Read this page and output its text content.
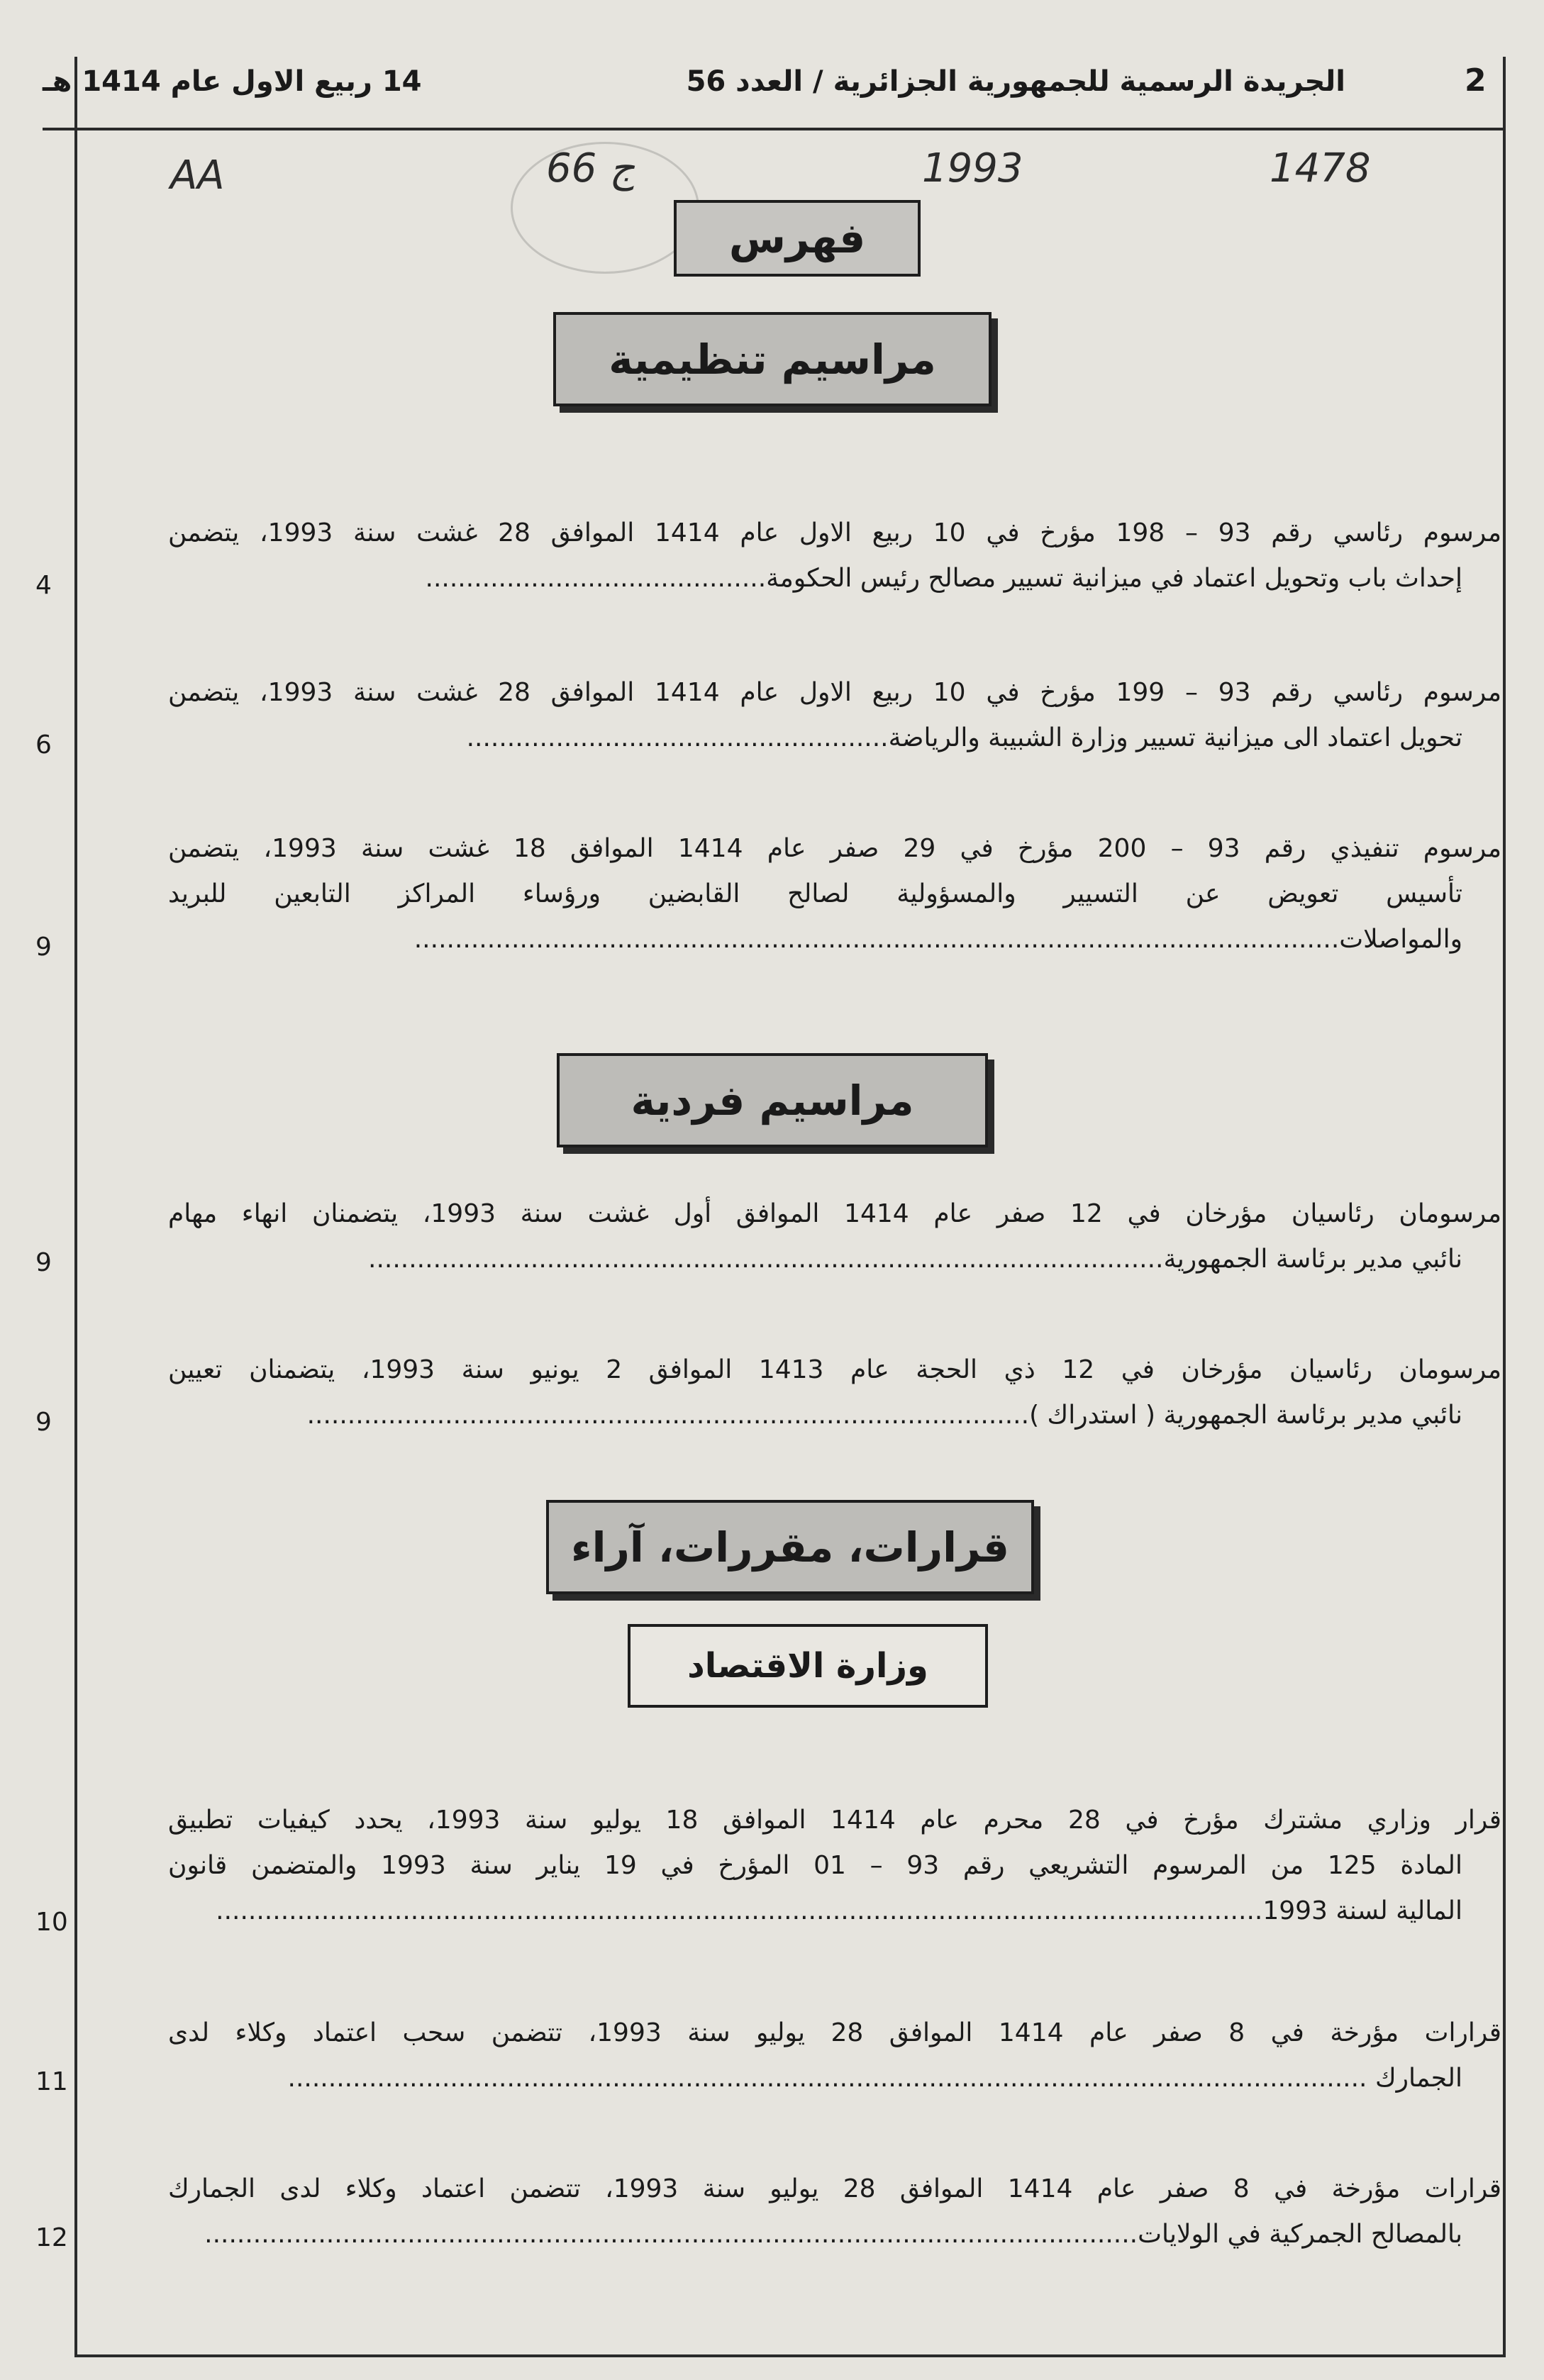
2
الجريدة الرسمية للجمهورية الجزائرية / العدد 56
14 ربيع الاول عام 1414 هـ
1478
1993
ج 66
AA
فهرس
مراسيم تنظيمية
مرسوم رئاسي رقم 93 – 198 مؤرخ في 10 ربيع الاول عام 1414 الموافق 28 غشت سنة 1993، يتضمن
إحداث باب وتحويل اعتماد في ميزانية تسيير مصالح رئيس الحكومة..........................................
4
مرسوم رئاسي رقم 93 – 199 مؤرخ في 10 ربيع الاول عام 1414 الموافق 28 غشت سنة 1993، يتضمن
تحويل اعتماد الى ميزانية تسيير وزارة الشبيبة والرياضة....................................................
6
مرسوم تنفيذي رقم 93 – 200 مؤرخ في 29 صفر عام 1414 الموافق 18 غشت سنة 1993، يتضمن
تأسيس تعويض عن التسيير والمسؤولية لصالح القابضين ورؤساء المراكز التابعين للبريد
والمواصلات..................................................................................................................
9
مراسيم فردية
مرسومان رئاسيان مؤرخان في 12 صفر عام 1414 الموافق أول غشت سنة 1993، يتضمنان انهاء مهام
نائبي مدير برئاسة الجمهورية..................................................................................................
9
مرسومان رئاسيان مؤرخان في 12 ذي الحجة عام 1413 الموافق 2 يونيو سنة 1993، يتضمنان تعيين
نائبي مدير برئاسة الجمهورية ( استدراك ).........................................................................................
9
قرارات، مقررات، آراء
وزارة الاقتصاد
قرار وزاري مشترك مؤرخ في 28 محرم عام 1414 الموافق 18 يوليو سنة 1993، يحدد كيفيات تطبيق
المادة 125 من المرسوم التشريعي رقم 93 – 01 المؤرخ في 19 يناير سنة 1993 والمتضمن قانون
المالية لسنة 1993.................................................................................................................................
10
قرارات مؤرخة في 8 صفر عام 1414 الموافق 28 يوليو سنة 1993، تتضمن سحب اعتماد وكلاء لدى
الجمارك .....................................................................................................................................
11
قرارات مؤرخة في 8 صفر عام 1414 الموافق 28 يوليو سنة 1993، تتضمن اعتماد وكلاء لدى الجمارك
بالمصالح الجمركية في الولايات...................................................................................................................
12
